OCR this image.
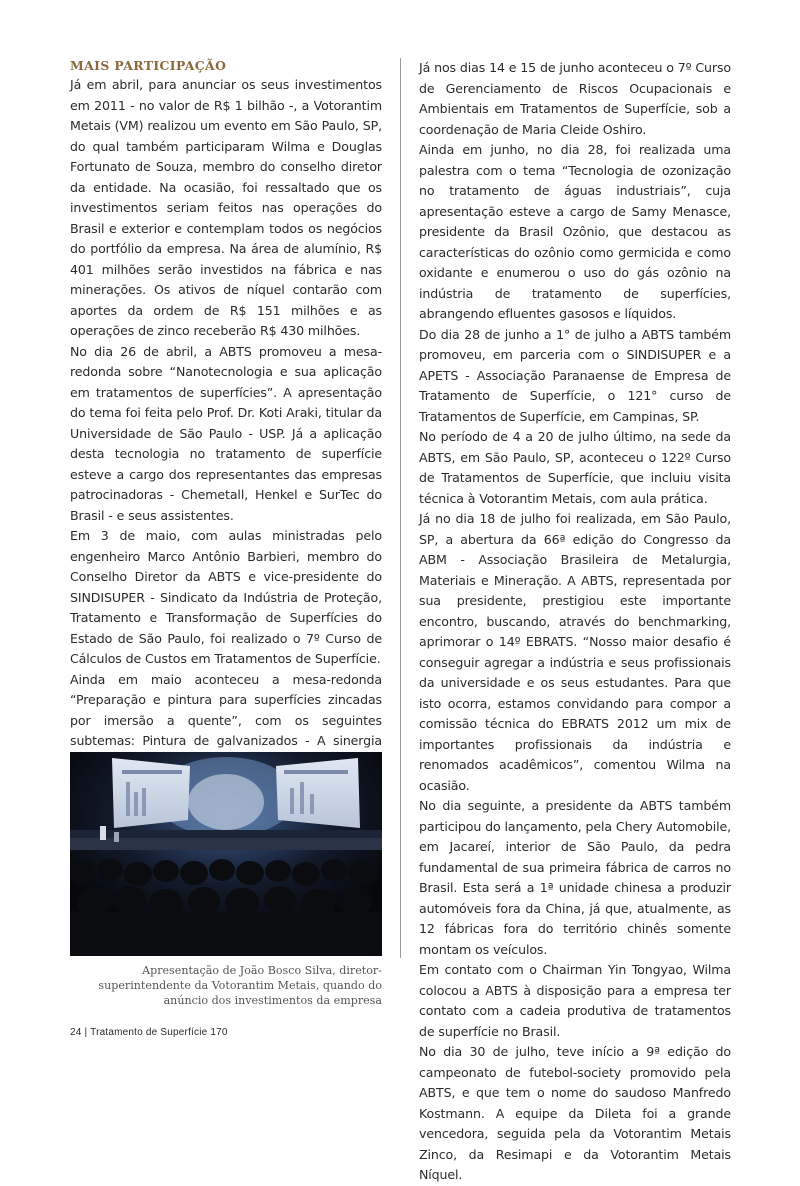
MAIS PARTICIPAÇÃO

Já em abril, para anunciar os seus investimentos em 2011 - no valor de R$ 1 bilhão -, a Votorantim Metais (VM) realizou um evento em São Paulo, SP, do qual também participaram Wilma e Douglas Fortunato de Souza, membro do conselho diretor da entidade. Na ocasião, foi ressaltado que os investimentos seriam feitos nas operações do Brasil e exterior e contemplam todos os negócios do portfólio da empresa. Na área de alumínio, R$ 401 milhões serão investidos na fábrica e nas minerações. Os ativos de níquel contarão com aportes da ordem de R$ 151 milhões e as operações de zinco receberão R$ 430 milhões.

No dia 26 de abril, a ABTS promoveu a mesa-redonda sobre “Nanotecnologia e sua aplicação em tratamentos de superfícies”. A apresentação do tema foi feita pelo Prof. Dr. Koti Araki, titular da Universidade de São Paulo - USP. Já a aplicação desta tecnologia no tratamento de superfície esteve a cargo dos representantes das empresas patrocinadoras - Chemetall, Henkel e SurTec do Brasil - e seus assistentes.

Em 3 de maio, com aulas ministradas pelo engenheiro Marco Antônio Barbieri, membro do Conselho Diretor da ABTS e vice-presidente do SINDISUPER - Sindicato da Indústria de Proteção, Tratamento e Transformação de Superfícies do Estado de São Paulo, foi realizado o 7º Curso de Cálculos de Custos em Tratamentos de Superfície.

Ainda em maio aconteceu a mesa-redonda “Preparação e pintura para superfícies zincadas por imersão a quente”, com os seguintes subtemas: Pintura de galvanizados - A sinergia

Apresentação de João Bosco Silva, diretor-superintendente da Votorantim Metais, quando do anúncio dos investimentos da empresa

Já nos dias 14 e 15 de junho aconteceu o 7º Curso de Gerenciamento de Riscos Ocupacionais e Ambientais em Tratamentos de Superfície, sob a coordenação de Maria Cleide Oshiro.

Ainda em junho, no dia 28, foi realizada uma palestra com o tema “Tecnologia de ozonização no tratamento de águas industriais”, cuja apresentação esteve a cargo de Samy Menasce, presidente da Brasil Ozônio, que destacou as características do ozônio como germicida e como oxidante e enumerou o uso do gás ozônio na indústria de tratamento de superfícies, abrangendo efluentes gasosos e líquidos.

Do dia 28 de junho a 1° de julho a ABTS também promoveu, em parceria com o SINDISUPER e a APETS - Associação Paranaense de Empresa de Tratamento de Superfície, o 121° curso de Tratamentos de Superfície, em Campinas, SP.

No período de 4 a 20 de julho último, na sede da ABTS, em São Paulo, SP, aconteceu o 122º Curso de Tratamentos de Superfície, que incluiu visita técnica à Votorantim Metais, com aula prática.

Já no dia 18 de julho foi realizada, em São Paulo, SP, a abertura da 66ª edição do Congresso da ABM - Associação Brasileira de Metalurgia, Materiais e Mineração. A ABTS, representada por sua presidente, prestigiou este importante encontro, buscando, através do benchmarking, aprimorar o 14º EBRATS. “Nosso maior desafio é conseguir agregar a indústria e seus profissionais da universidade e os seus estudantes. Para que isto ocorra, estamos convidando para compor a comissão técnica do EBRATS 2012 um mix de importantes profissionais da indústria e renomados acadêmicos”, comentou Wilma na ocasião.

No dia seguinte, a presidente da ABTS também participou do lançamento, pela Chery Automobile, em Jacareí, interior de São Paulo, da pedra fundamental de sua primeira fábrica de carros no Brasil. Esta será a 1ª unidade chinesa a produzir automóveis fora da China, já que, atualmente, as 12 fábricas fora do território chinês somente montam os veículos.

Em contato com o Chairman Yin Tongyao, Wilma colocou a ABTS à disposição para a empresa ter contato com a cadeia produtiva de tratamentos de superfície no Brasil.

No dia 30 de julho, teve início a 9ª edição do campeonato de futebol-society promovido pela ABTS, e que tem o nome do saudoso Manfredo Kostmann. A equipe da Dileta foi a grande vencedora, seguida pela da Votorantim Metais Zinco, da Resimapi e da Votorantim Metais Níquel.

24 | Tratamento de Superfície 170
